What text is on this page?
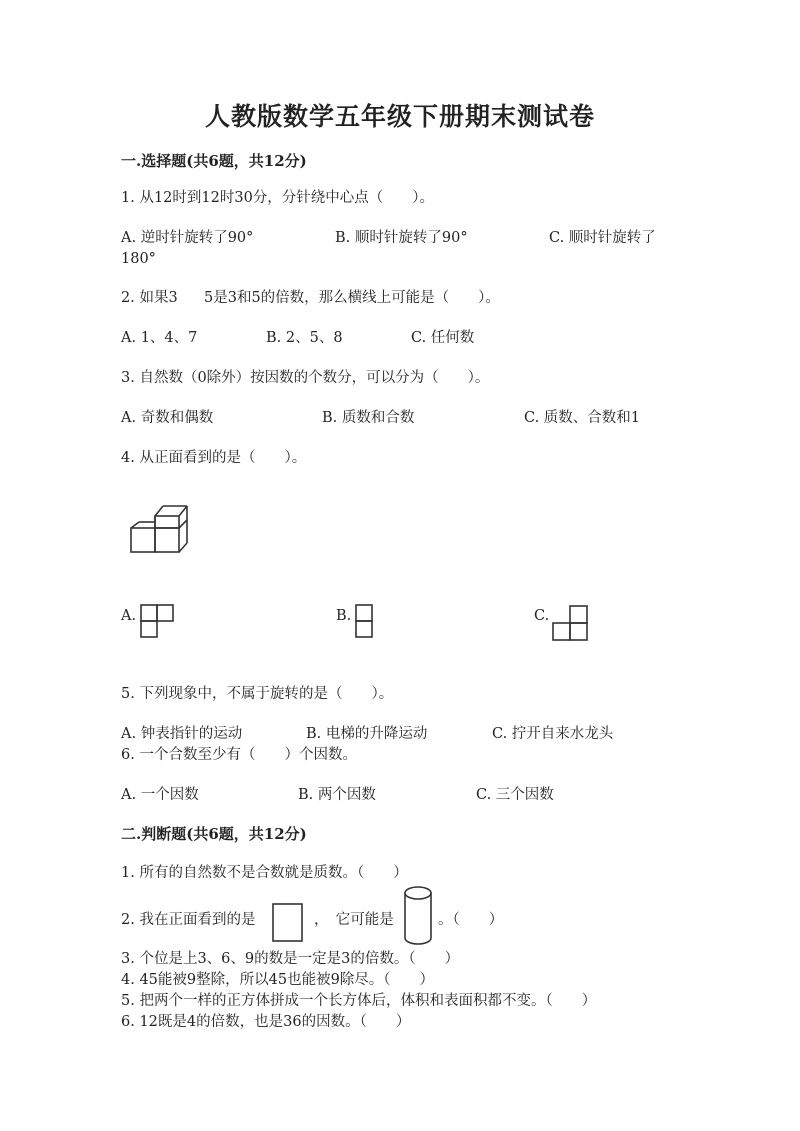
人教版数学五年级下册期末测试卷
一.选择题(共6题，共12分)
1. 从12时到12时30分，分针绕中心点（　　）。
A. 逆时针旋转了90°	B. 顺时针旋转了90°	C. 顺时针旋转了
180°
2. 如果3 5是3和5的倍数，那么横线上可能是（　　）。
A. 1、4、7	B. 2、5、8	C. 任何数
3. 自然数（0除外）按因数的个数分，可以分为（　　）。
A. 奇数和偶数	B. 质数和合数	C. 质数、合数和1
4. 从正面看到的是（　　）。
A.	B.	C.
5. 下列现象中，不属于旋转的是（　　）。
A. 钟表指针的运动	B. 电梯的升降运动	C. 拧开自来水龙头
6. 一个合数至少有（　　）个因数。
A. 一个因数	B. 两个因数	C. 三个因数
二.判断题(共6题，共12分)
1. 所有的自然数不是合数就是质数。（　　）
2. 我在正面看到的是	，　它可能是	。（　　）
3. 个位是上3、6、9的数是一定是3的倍数。（　　）
4. 45能被9整除，所以45也能被9除尽。（　　）
5. 把两个一样的正方体拼成一个长方体后，体积和表面积都不变。（　　）
6. 12既是4的倍数，也是36的因数。（　　）
